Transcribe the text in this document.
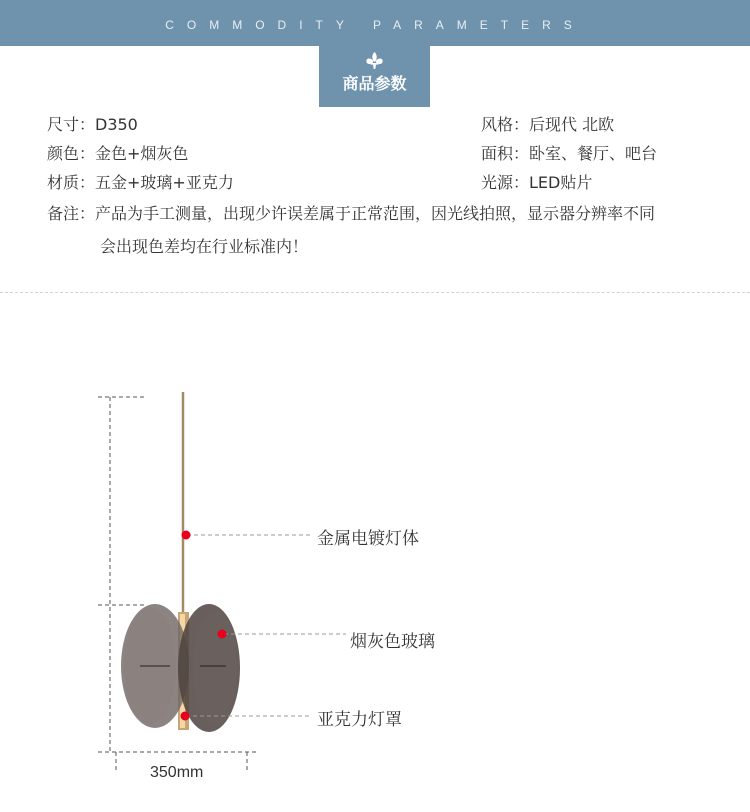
COMMODITY PARAMETERS
商品参数
尺寸：D350	风格：后现代 北欧
颜色：金色+烟灰色	面积：卧室、餐厅、吧台
材质：五金+玻璃+亚克力	光源：LED贴片
备注：产品为手工测量，出现少许误差属于正常范围，因光线拍照，显示器分辨率不同
会出现色差均在行业标准内！
金属电镀灯体
烟灰色玻璃
亚克力灯罩
350mm
